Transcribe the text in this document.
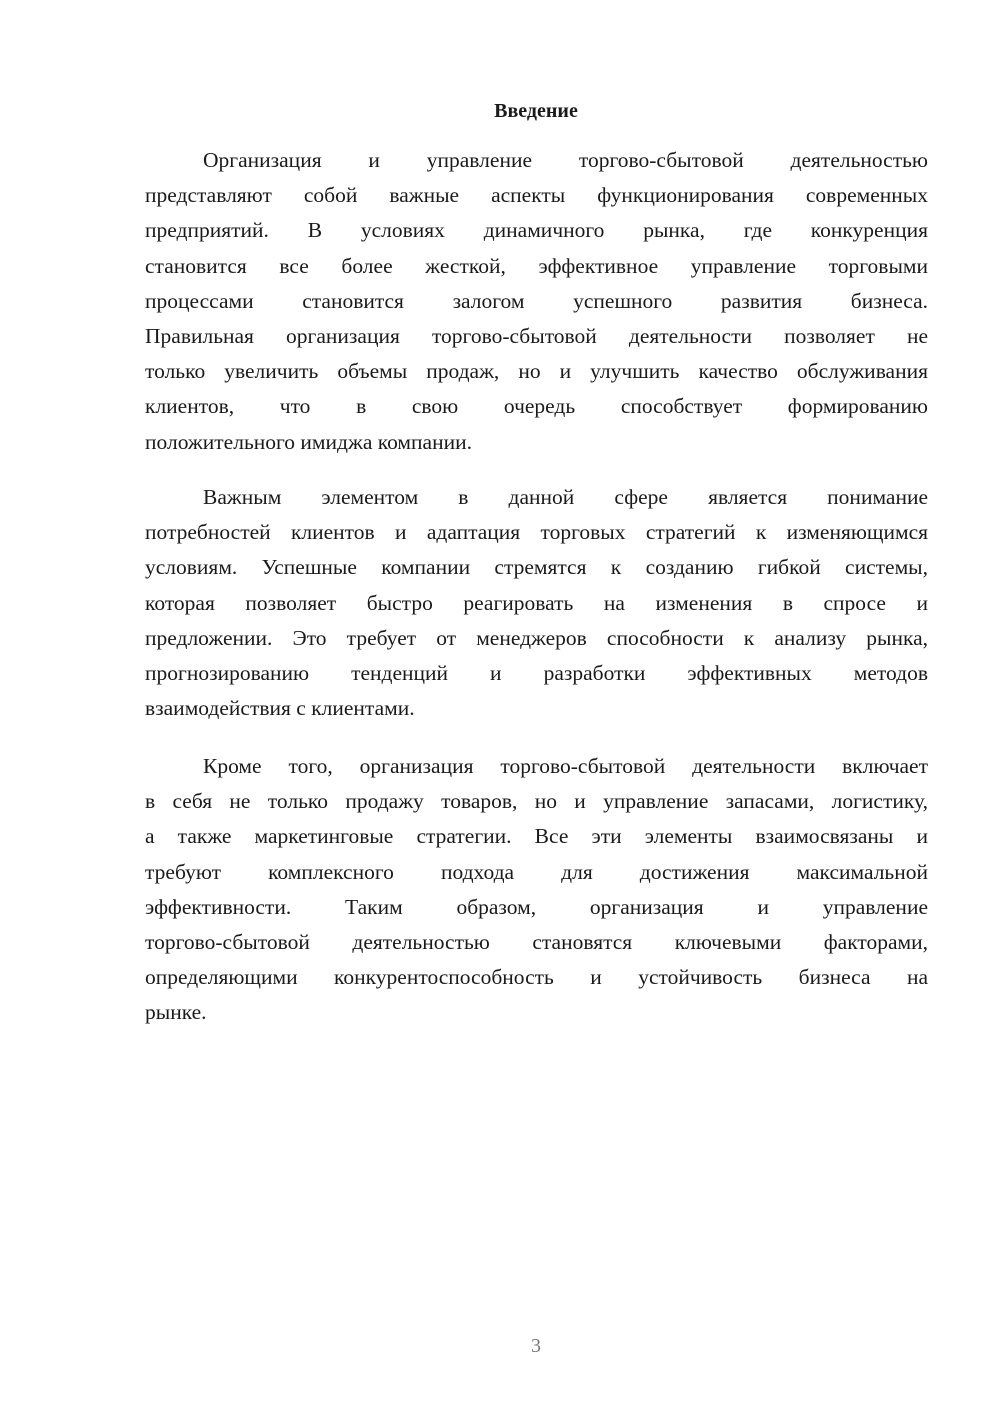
Введение
Организация и управление торгово-сбытовой деятельностью
представляют собой важные аспекты функционирования современных
предприятий. В условиях динамичного рынка, где конкуренция
становится все более жесткой, эффективное управление торговыми
процессами становится залогом успешного развития бизнеса.
Правильная организация торгово-сбытовой деятельности позволяет не
только увеличить объемы продаж, но и улучшить качество обслуживания
клиентов, что в свою очередь способствует формированию
положительного имиджа компании.
Важным элементом в данной сфере является понимание
потребностей клиентов и адаптация торговых стратегий к изменяющимся
условиям. Успешные компании стремятся к созданию гибкой системы,
которая позволяет быстро реагировать на изменения в спросе и
предложении. Это требует от менеджеров способности к анализу рынка,
прогнозированию тенденций и разработки эффективных методов
взаимодействия с клиентами.
Кроме того, организация торгово-сбытовой деятельности включает
в себя не только продажу товаров, но и управление запасами, логистику,
а также маркетинговые стратегии. Все эти элементы взаимосвязаны и
требуют комплексного подхода для достижения максимальной
эффективности. Таким образом, организация и управление
торгово-сбытовой деятельностью становятся ключевыми факторами,
определяющими конкурентоспособность и устойчивость бизнеса на
рынке.
3
